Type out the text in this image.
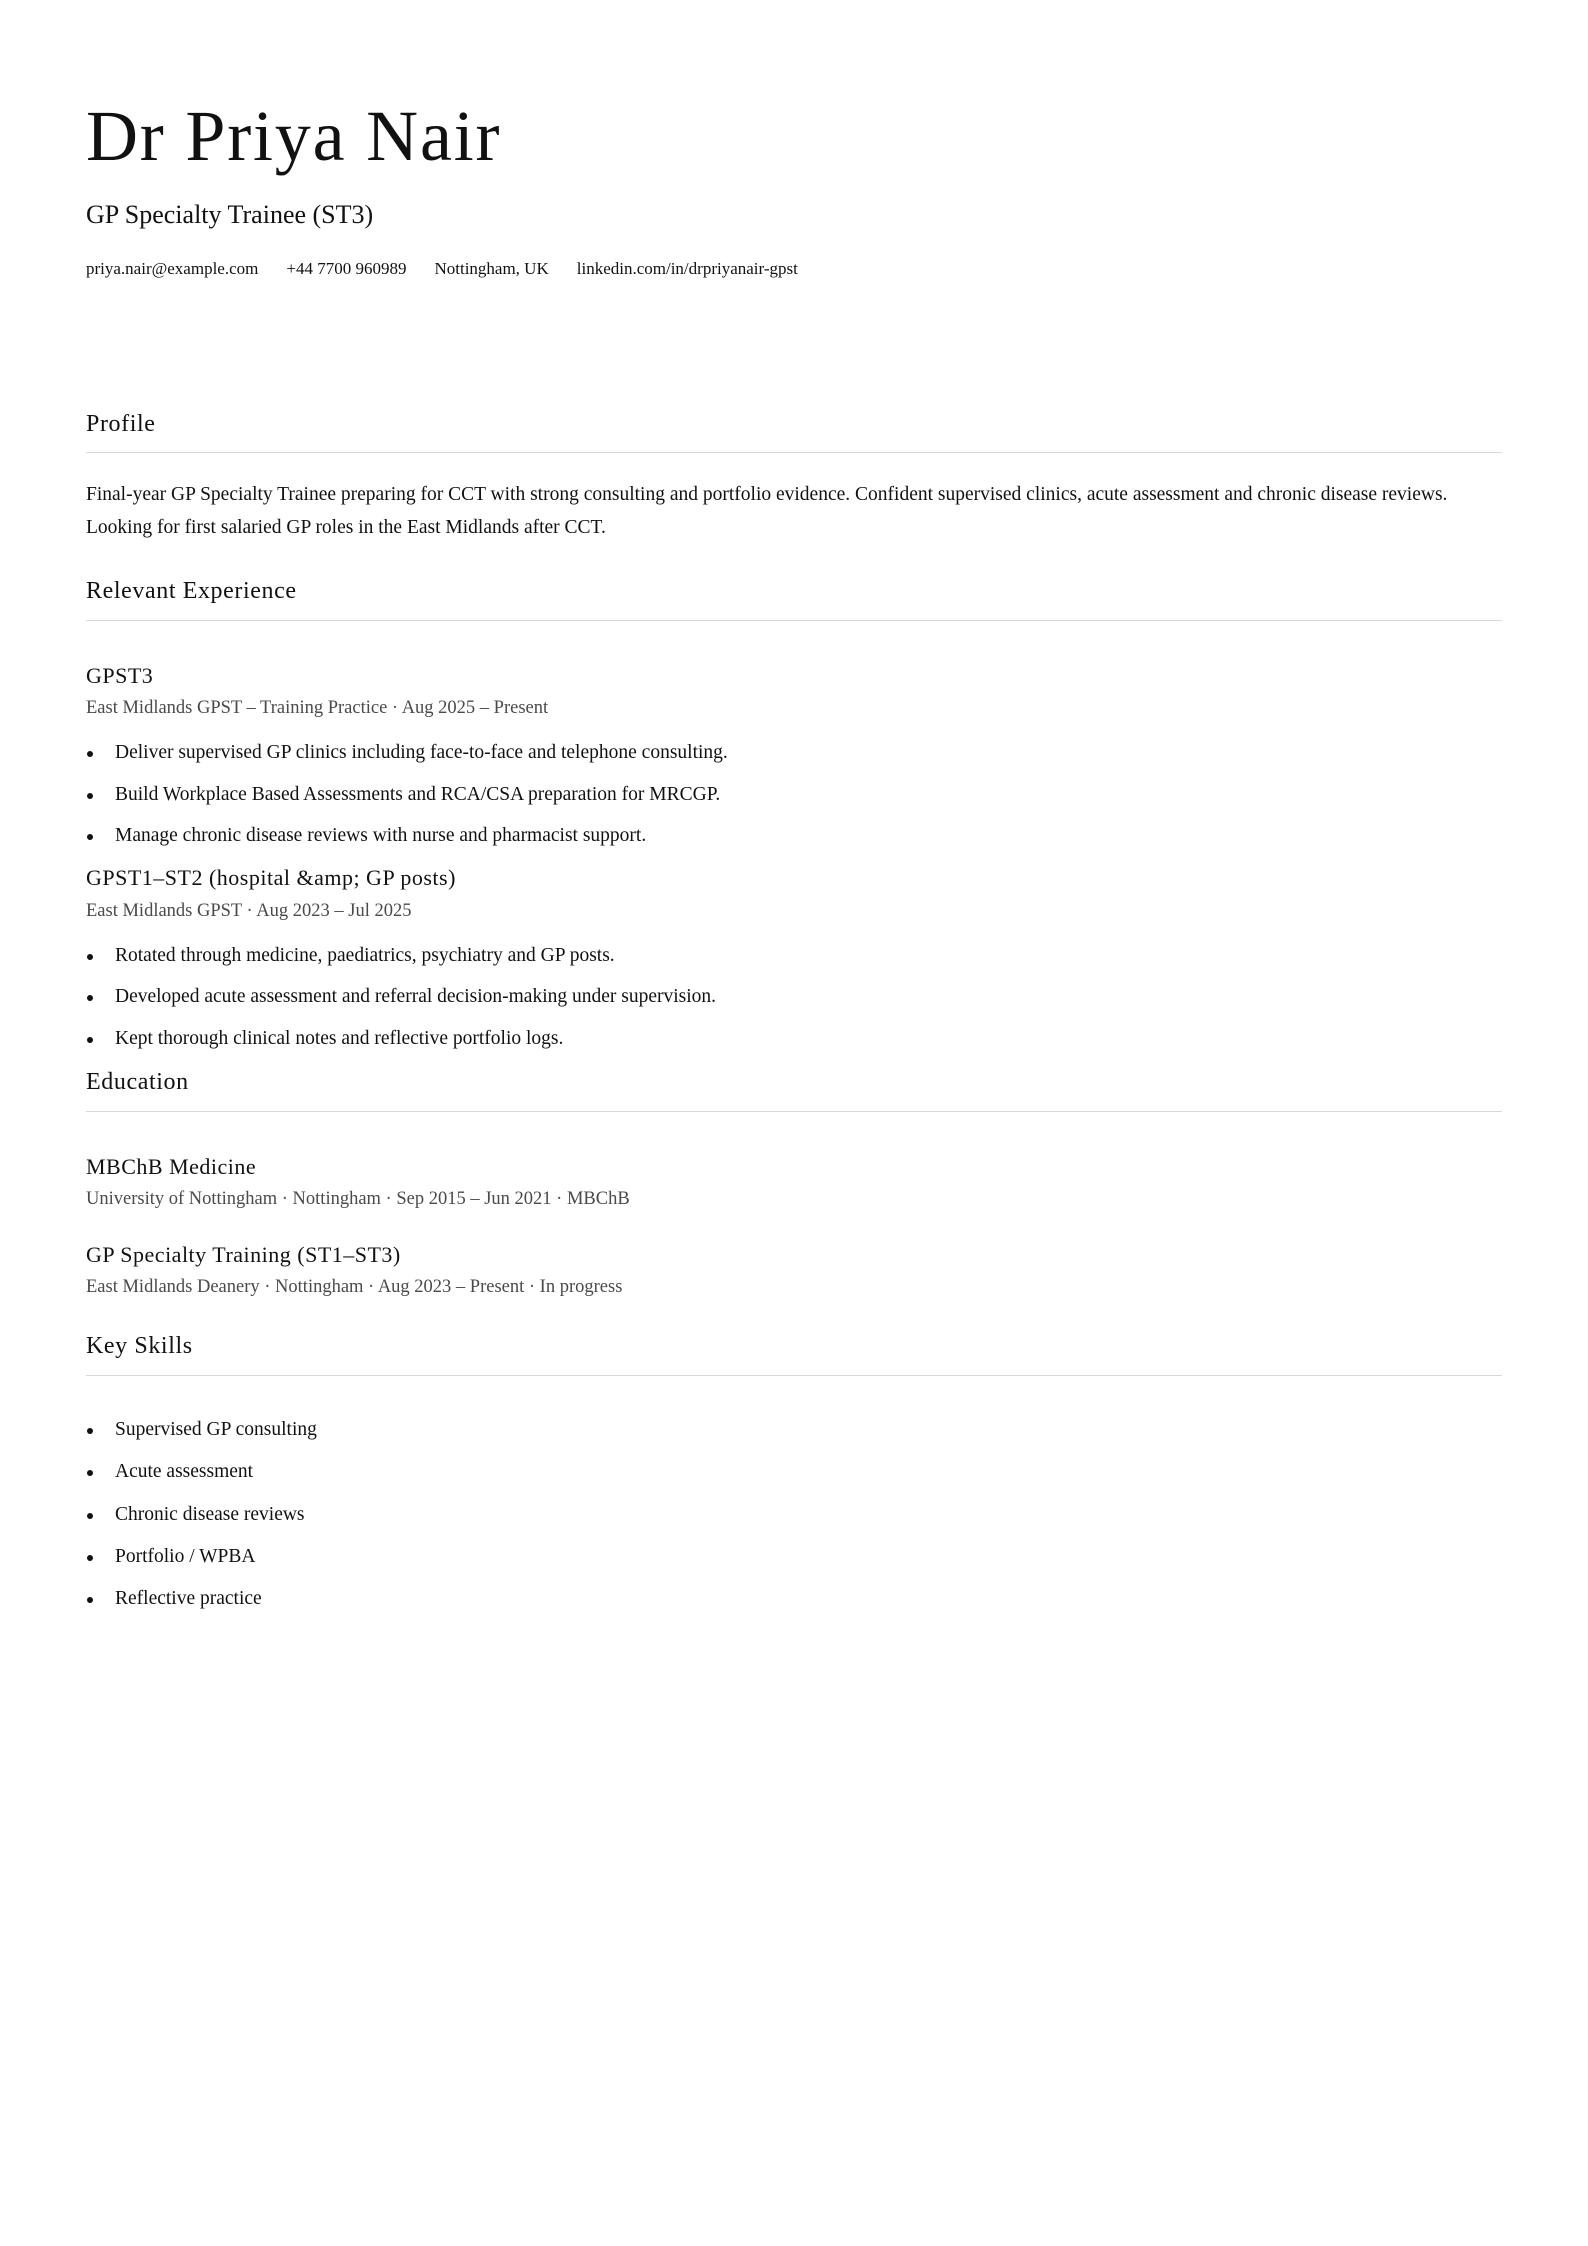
Dr Priya Nair
GP Specialty Trainee (ST3)
priya.nair@example.com +44 7700 960989 Nottingham, UK linkedin.com/in/drpriyanair-gpst
Profile
Final-year GP Specialty Trainee preparing for CCT with strong consulting and portfolio evidence. Confident supervised clinics, acute assessment and chronic disease reviews. Looking for first salaried GP roles in the East Midlands after CCT.
Relevant Experience
GPST3
East Midlands GPST – Training Practice · Aug 2025 – Present
Deliver supervised GP clinics including face-to-face and telephone consulting.
Build Workplace Based Assessments and RCA/CSA preparation for MRCGP.
Manage chronic disease reviews with nurse and pharmacist support.
GPST1–ST2 (hospital &amp; GP posts)
East Midlands GPST · Aug 2023 – Jul 2025
Rotated through medicine, paediatrics, psychiatry and GP posts.
Developed acute assessment and referral decision-making under supervision.
Kept thorough clinical notes and reflective portfolio logs.
Education
MBChB Medicine
University of Nottingham · Nottingham · Sep 2015 – Jun 2021 · MBChB
GP Specialty Training (ST1–ST3)
East Midlands Deanery · Nottingham · Aug 2023 – Present · In progress
Key Skills
Supervised GP consulting
Acute assessment
Chronic disease reviews
Portfolio / WPBA
Reflective practice
